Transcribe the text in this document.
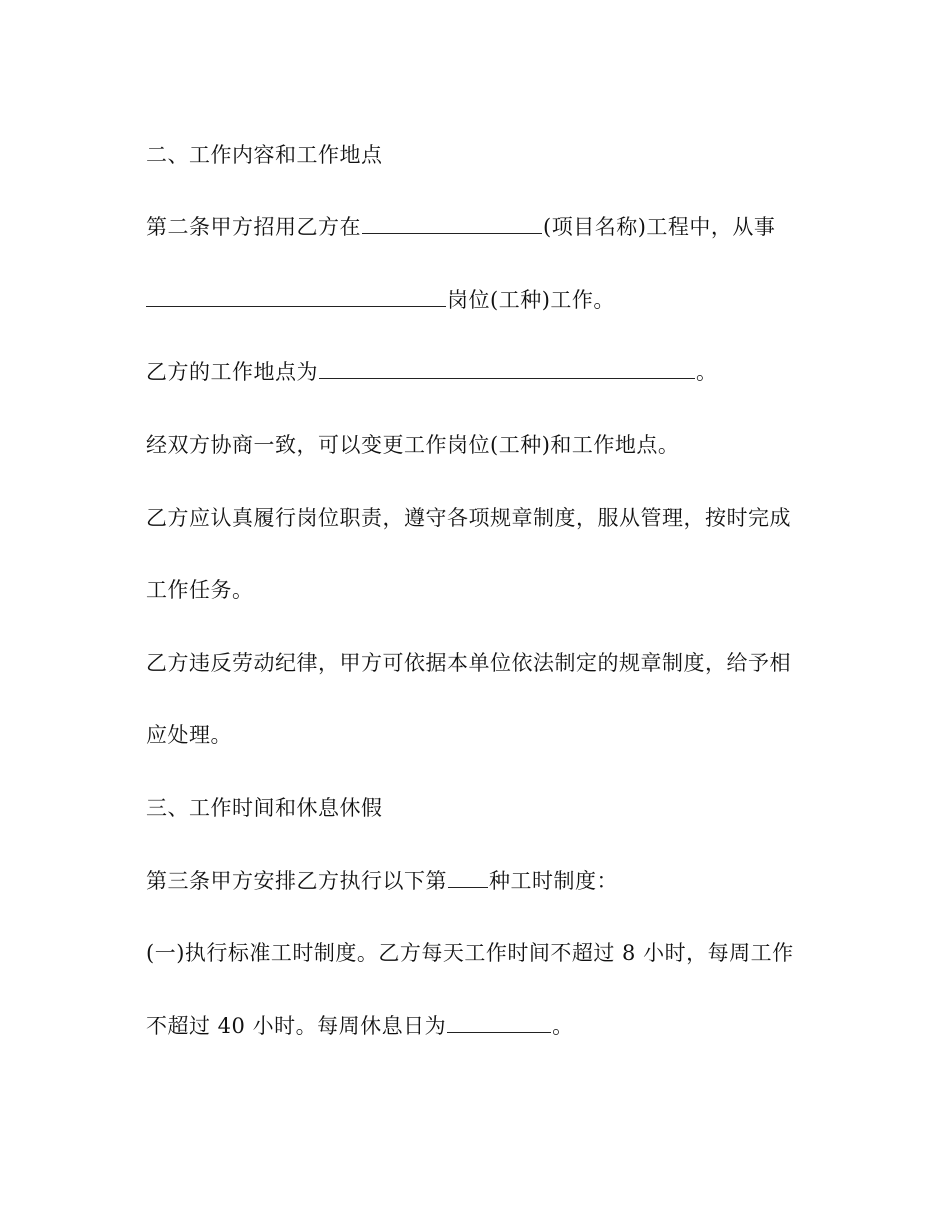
二、工作内容和工作地点
第二条甲方招用乙方在	(项目名称)工程中，从事
岗位(工种)工作。
乙方的工作地点为	。
经双方协商一致，可以变更工作岗位(工种)和工作地点。
乙方应认真履行岗位职责，遵守各项规章制度，服从管理，按时完成
工作任务。
乙方违反劳动纪律，甲方可依据本单位依法制定的规章制度，给予相
应处理。
三、工作时间和休息休假
第三条甲方安排乙方执行以下第 种工时制度：
(一)执行标准工时制度。乙方每天工作时间不超过 8 小时，每周工作
不超过 40 小时。每周休息日为	。
